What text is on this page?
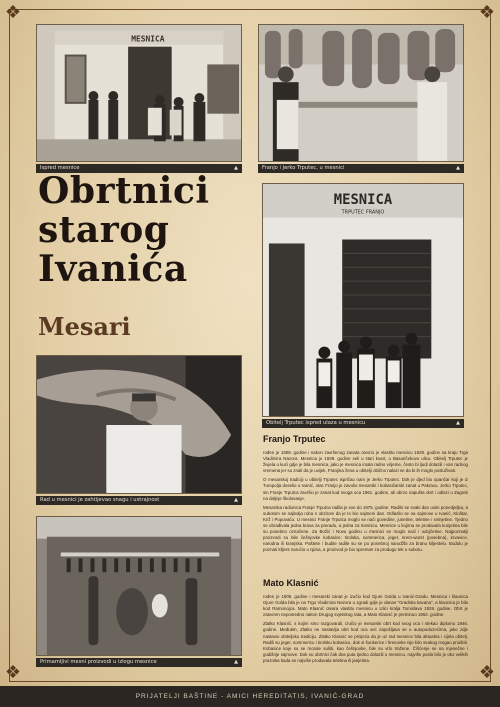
❖	❖
❖	❖
MESNICA
Ispred mesnice	▲	Franjo i Jerko Trputec, u mesnici	▲
Obrtnici
starog
Ivanića
Mesari
MESNICA
TRPUTEC FRANJO
Obitelj Trputec ispred ulaza u mesnicu	▲
Rad u mesnici je zahtijevao snagu i ustrajnost	▲
Franjo Trputec

rođen je 1908. godine i nakon završenog zanata otvorio je vlastitu mesnicu 1928. godine na kraju Trga Vladimira Nazora. Mesnica je 1939. godine seli u stari kvart, u Basaričekovu ulicu. Obitelj Trputec je živjela u kući gdje je bila mesnica, jako je mesnica imala radno vrijeme, često bi ljudi dolazili i van radnog vremena jer su znali da je uvijek, Franjina žena u obitelji obično nalazi se da bi ih moglo posluživati.

O mesarskoj tradiciji u obitelji Trputec ispričao nam je Jerko Trputec. Dok je djed bio opančar koji je iz Turopolja doselio u Ivanić, otac Franjo je zavolio mesarski i kobasičarski zanat u Pakracu. Jerko Trputec, sin Franje Trputca završio je zanat kod svoga oca 1961. godine, ali ubrzo napušta obrt i odlazi u Zagreb na daljnje školovanje.

Mesarska radionica Franje Trputca radila je sve do 1975. godine. Radilo se svaki dan osim ponedjeljka, a subotom se najbolja roba s obzirom da je to bio sajmeni dan. Odlazilo se na sajmove u Ivanić, Kloštar, Križ i Popovaču. U mesnici Franje Trputca moglo se naći govedine, junetine, teletine i svinjetine. Tjedno se obrađivala jedna krava za preradu, a jedna za mesnicu. Mesnice u kojima se prodavala kunjetina bile su posebno označene. Za Božić i Novu godinu u mesnici se moglo naći i odojčetine. Najpoznatiji proizvodi su bile češnjovke kobasice: tirolska, sommerica, jeger, krem-wurst (posebna), krvavice, narodna ili kranjska. Paštete i budite radile su se po posebnoj narudžbi za branu kiljentelu. Budolu je poznati kiljent naručio u njima, a proizvod je bio spreman za produgu tek u subotu.

Primamljivi mesni proizvodi u izlogu mesnice	▲
Mato Klasnić

rođen je 1905. godine i mesarski zanat je izučio kod Gjure Golda u Ivanić-Gradu. Mesnica i klaonica Gjure Golda bila je na Trgu Vladimira Nazora u zgradi gdje je danas "Gradska kavana", a klaonica je bila kod Ramonojca. Mato Klasnić otvara vlastitu mesnicu u Ulici kralja Tomislava 1928. godine. Obrt je zatvoren neposredno nakon Drugog svjetskog rata, a Mato Klasnić je preminuo 1952. godine.

Zlatko Klasnić, s kojim smo razgovarali, izučio je mesarski obrt kod svog oca i stekao diplomu 1946. godine. Međutim, Zlatko ne nastavlja obrt kod oca već zapošljava se u autopoduzećima, jako zdje nastavio obiteljsku tradiciju. Zlatko Klasnić se prisjeća da je uz rad mesnice bila aktualna i cijela obitelj. Radili su jeger, sommericu i tirolsku kobasicu, dok si šunkerice i hrenovke nije bilo svakog mogao priuštiti. Kobasice koje su se morale sušiti, kao češnjovke, bile su vrlo tražene. Čišćenje se na mjesečne i godišnje sajmove. Dok su obrtnici čak dva puta tjedno dolazili u mesnicu, najviše posla bilo je oko velikih praznika kada se najviše prodavala teletina ili janjetina.

PRIJATELJI BAŠTINE - AMICI HEREDITATIS, IVANIĆ-GRAD
